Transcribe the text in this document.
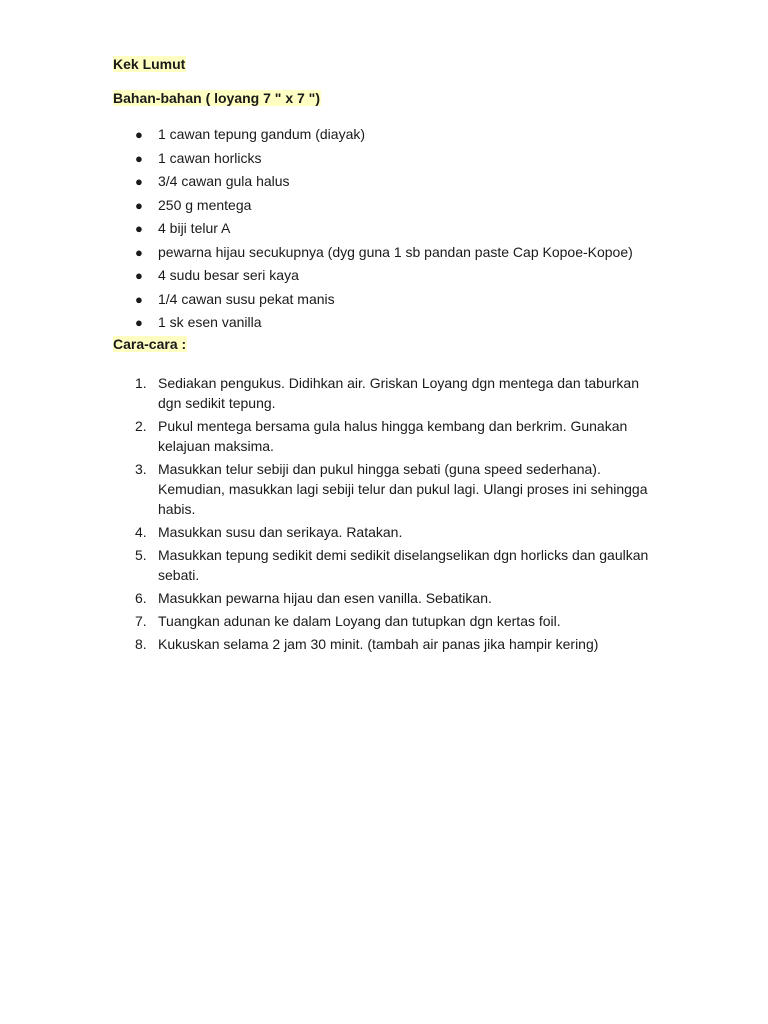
Kek Lumut
Bahan-bahan ( loyang 7 " x 7 ")
● 1 cawan tepung gandum (diayak)
● 1 cawan horlicks
● 3/4 cawan gula halus
● 250 g mentega
● 4 biji telur A
● pewarna hijau secukupnya (dyg guna 1 sb pandan paste Cap Kopoe-Kopoe)
● 4 sudu besar seri kaya
● 1/4 cawan susu pekat manis
● 1 sk esen vanilla
Cara-cara :
1. Sediakan pengukus. Didihkan air. Griskan Loyang dgn mentega dan taburkan dgn sedikit tepung.
2. Pukul mentega bersama gula halus hingga kembang dan berkrim. Gunakan kelajuan maksima.
3. Masukkan telur sebiji dan pukul hingga sebati (guna speed sederhana). Kemudian, masukkan lagi sebiji telur dan pukul lagi. Ulangi proses ini sehingga habis.
4. Masukkan susu dan serikaya. Ratakan.
5. Masukkan tepung sedikit demi sedikit diselangselikan dgn horlicks dan gaulkan sebati.
6. Masukkan pewarna hijau dan esen vanilla. Sebatikan.
7. Tuangkan adunan ke dalam Loyang dan tutupkan dgn kertas foil.
8. Kukuskan selama 2 jam 30 minit. (tambah air panas jika hampir kering)
